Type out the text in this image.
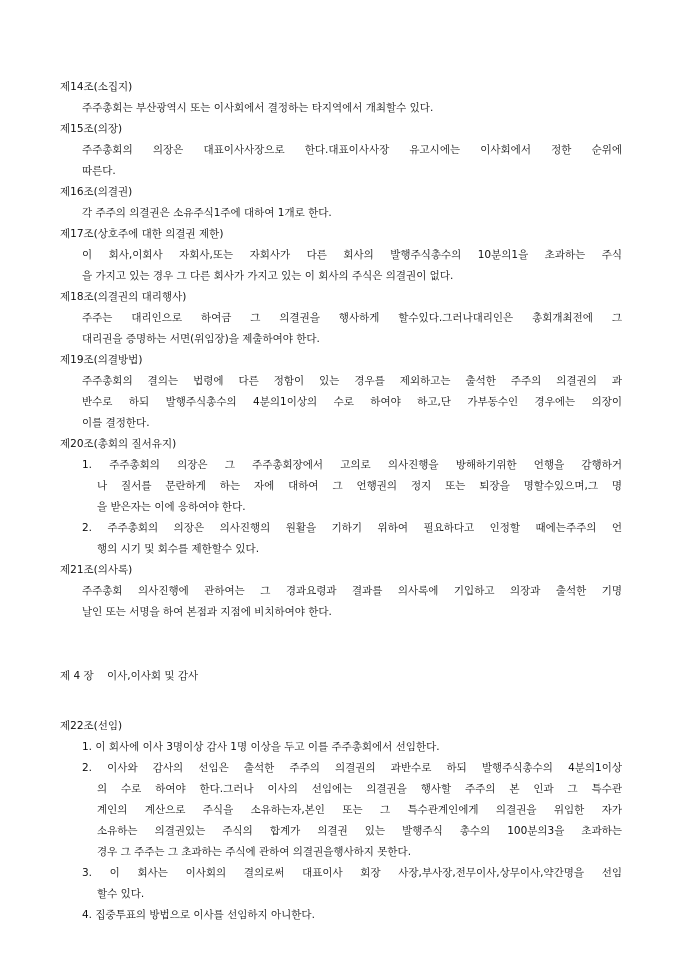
제14조(소집지)
주주총회는 부산광역시 또는 이사회에서 결정하는 타지역에서 개최할수 있다.
제15조(의장)
주주총회의 의장은 대표이사사장으로 한다.대표이사사장 유고시에는 이사회에서 정한 순위에
따른다.
제16조(의결권)
각 주주의 의결권은 소유주식1주에 대하여 1개로 한다.
제17조(상호주에 대한 의결권 제한)
이 회사,이회사 자회사,또는 자회사가 다른 회사의 발행주식총수의 10분의1을 초과하는 주식
을 가지고 있는 경우 그 다른 회사가 가지고 있는 이 회사의 주식은 의결권이 없다.
제18조(의결권의 대리행사)
주주는 대리인으로 하여금 그 의결권을 행사하게 할수있다.그러나대리인은 총회개최전에 그
대리권을 증명하는 서면(위임장)을 제출하여야 한다.
제19조(의결방법)
주주총회의 결의는 법령에 다른 정함이 있는 경우를 제외하고는 출석한 주주의 의결권의 과
반수로 하되 발행주식총수의 4분의1이상의 수로 하여야 하고,단 가부동수인 경우에는 의장이
이를 결정한다.
제20조(총회의 질서유지)
1. 주주총회의 의장은 그 주주총회장에서 고의로 의사진행을 방해하기위한 언행을 감행하거
나 질서를 문란하게 하는 자에 대하여 그 언행권의 정지 또는 퇴장을 명할수있으며,그 명
을 받은자는 이에 응하여야 한다.
2. 주주총회의 의장은 의사진행의 원활을 기하기 위하여 필요하다고 인정할 때에는주주의 언
행의 시기 및 회수를 제한할수 있다.
제21조(의사록)
주주총회 의사진행에 관하여는 그 경과요령과 결과를 의사록에 기입하고 의장과 출석한 기명
날인 또는 서명을 하여 본점과 지점에 비치하여야 한다.
제 4 장    이사,이사회 및 감사
제22조(선임)
1. 이 회사에 이사 3명이상 감사 1명 이상을 두고 이를 주주총회에서 선임한다.
2. 이사와 감사의 선임은 출석한 주주의 의결권의 과반수로 하되 발행주식총수의 4분의1이상
의 수로 하여야 한다.그러나 이사의 선임에는 의결권을 행사할 주주의 본 인과 그 특수관
계인의 계산으로 주식을 소유하는자,본인 또는 그 특수관계인에게 의결권을 위임한 자가
소유하는 의결권있는 주식의 합계가 의결권 있는 발행주식 총수의 100분의3을 초과하는
경우 그 주주는 그 초과하는 주식에 관하여 의결권을행사하지 못한다.
3. 이 회사는 이사회의 결의로써 대표이사 회장 사장,부사장,전무이사,상무이사,약간명을 선임
할수 있다.
4. 집중투표의 방법으로 이사를 선임하지 아니한다.
